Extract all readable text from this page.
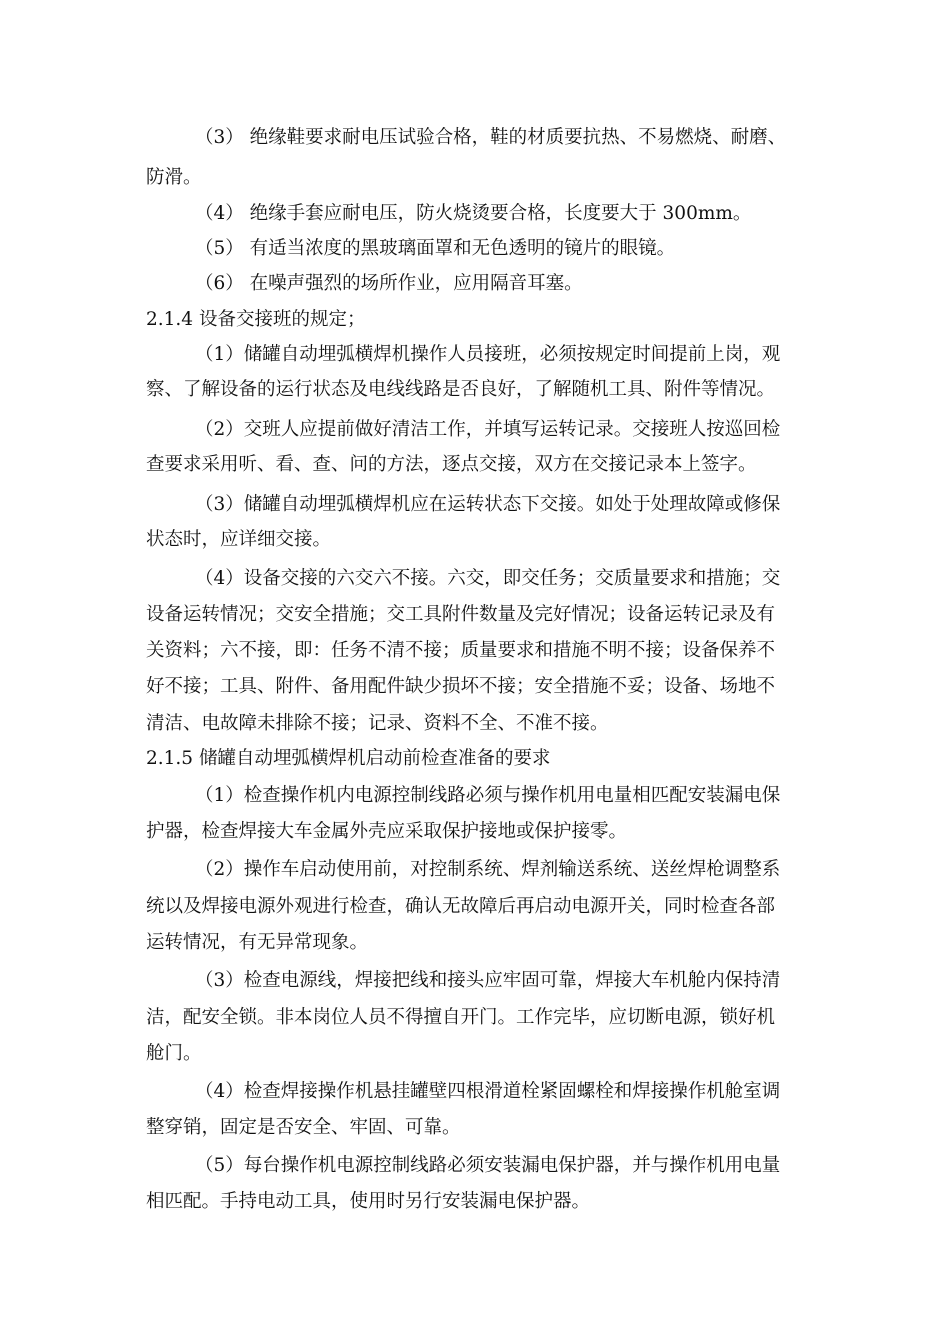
（3） 绝缘鞋要求耐电压试验合格，鞋的材质要抗热、不易燃烧、耐磨、
防滑。
（4） 绝缘手套应耐电压，防火烧烫要合格，长度要大于 300mm。
（5） 有适当浓度的黑玻璃面罩和无色透明的镜片的眼镜。
（6） 在噪声强烈的场所作业，应用隔音耳塞。
2.1.4 设备交接班的规定；
（1）储罐自动埋弧横焊机操作人员接班，必须按规定时间提前上岗，观
察、了解设备的运行状态及电线线路是否良好，了解随机工具、附件等情况。
（2）交班人应提前做好清洁工作，并填写运转记录。交接班人按巡回检
查要求采用听、看、查、问的方法，逐点交接，双方在交接记录本上签字。
（3）储罐自动埋弧横焊机应在运转状态下交接。如处于处理故障或修保
状态时，应详细交接。
（4）设备交接的六交六不接。六交，即交任务；交质量要求和措施；交
设备运转情况；交安全措施；交工具附件数量及完好情况；设备运转记录及有
关资料；六不接，即：任务不清不接；质量要求和措施不明不接；设备保养不
好不接；工具、附件、备用配件缺少损坏不接；安全措施不妥；设备、场地不
清洁、电故障未排除不接；记录、资料不全、不准不接。
2.1.5 储罐自动埋弧横焊机启动前检查准备的要求
（1）检查操作机内电源控制线路必须与操作机用电量相匹配安装漏电保
护器，检查焊接大车金属外壳应采取保护接地或保护接零。
（2）操作车启动使用前，对控制系统、焊剂输送系统、送丝焊枪调整系
统以及焊接电源外观进行检查，确认无故障后再启动电源开关，同时检查各部
运转情况，有无异常现象。
（3）检查电源线，焊接把线和接头应牢固可靠，焊接大车机舱内保持清
洁，配安全锁。非本岗位人员不得擅自开门。工作完毕，应切断电源，锁好机
舱门。
（4）检查焊接操作机悬挂罐壁四根滑道栓紧固螺栓和焊接操作机舱室调
整穿销，固定是否安全、牢固、可靠。
（5）每台操作机电源控制线路必须安装漏电保护器，并与操作机用电量
相匹配。手持电动工具，使用时另行安装漏电保护器。
